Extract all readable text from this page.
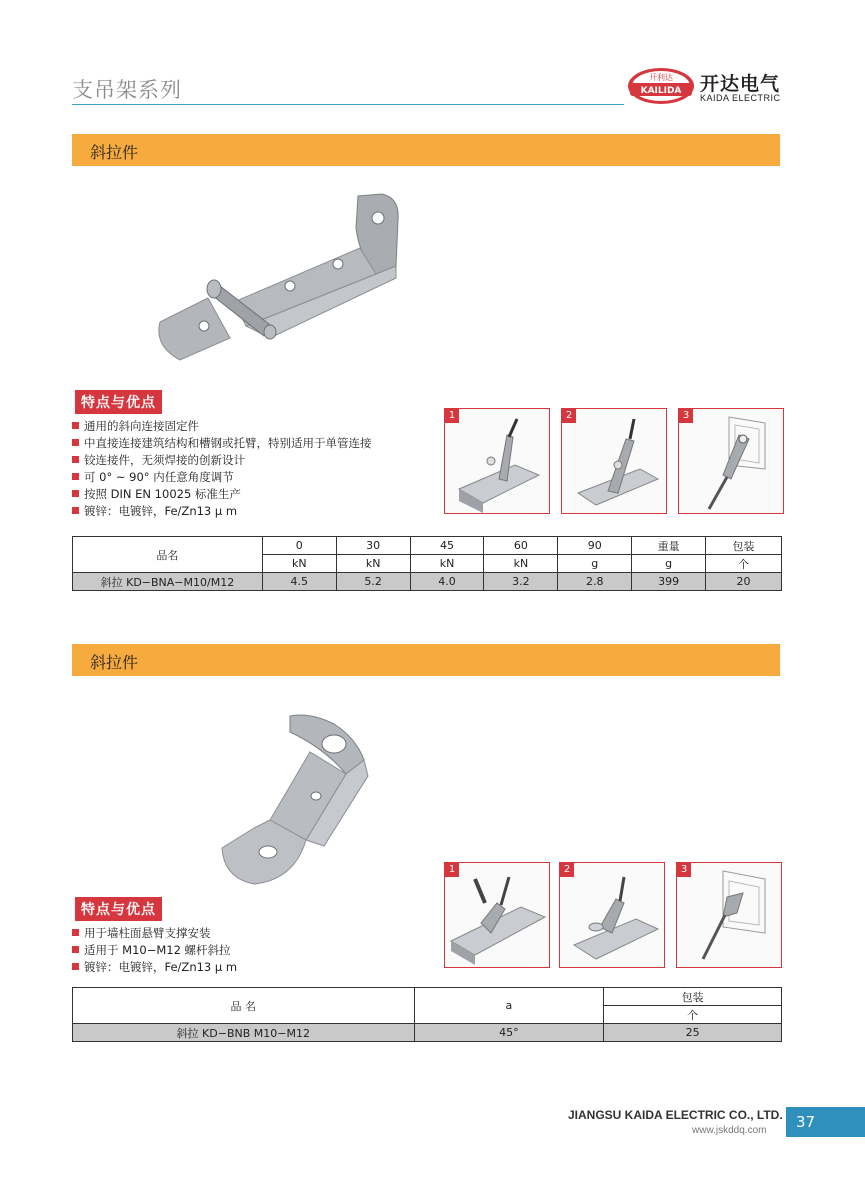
支吊架系列
开利达
KAILIDA 开达电气
KAIDA ELECTRIC
斜拉件
特点与优点
通用的斜向连接固定件
中直接连接建筑结构和槽钢或托臂，特别适用于单管连接
铰连接件，无须焊接的创新设计
可 0° ~ 90° 内任意角度调节
按照 DIN EN 10025 标准生产
镀锌：电镀锌，Fe/Zn13 μ m
1	2	3
品名	0	30	45	60	90	重量	包装
	kN	kN	kN	kN	g	g	个
斜拉 KD−BNA−M10/M12	4.5	5.2	4.0	3.2	2.8	399	20
斜拉件
特点与优点
用于墙柱面悬臂支撑安装
适用于 M10−M12 螺杆斜拉
镀锌：电镀锌，Fe/Zn13 μ m
1	2	3
品 名	a	包装
		个
斜拉 KD−BNB M10−M12	45°	25
JIANGSU KAIDA ELECTRIC CO., LTD.
www.jskddq.com 37
